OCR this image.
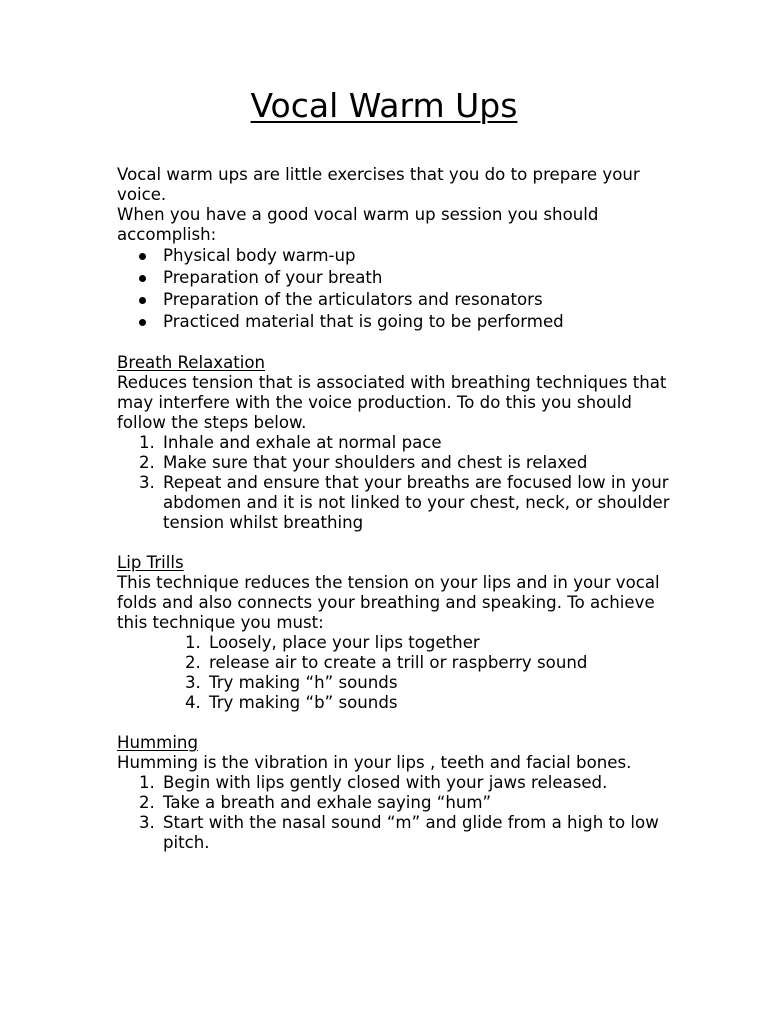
Vocal Warm Ups

Vocal warm ups are little exercises that you do to prepare your voice.

When you have a good vocal warm up session you should accomplish:

Physical body warm-up
Preparation of your breath
Preparation of the articulators and resonators
Practiced material that is going to be performed

Breath Relaxation

Reduces tension that is associated with breathing techniques that may interfere with the voice production. To do this you should follow the steps below.

1. Inhale and exhale at normal pace
2. Make sure that your shoulders and chest is relaxed
3. Repeat and ensure that your breaths are focused low in your abdomen and it is not linked to your chest, neck, or shoulder tension whilst breathing

Lip Trills

This technique reduces the tension on your lips and in your vocal folds and also connects your breathing and speaking. To achieve this technique you must:

1. Loosely, place your lips together
2. release air to create a trill or raspberry sound
3. Try making “h” sounds
4. Try making “b” sounds

Humming

Humming is the vibration in your lips , teeth and facial bones.

1. Begin with lips gently closed with your jaws released.
2. Take a breath and exhale saying “hum”
3. Start with the nasal sound “m” and glide from a high to low pitch.
